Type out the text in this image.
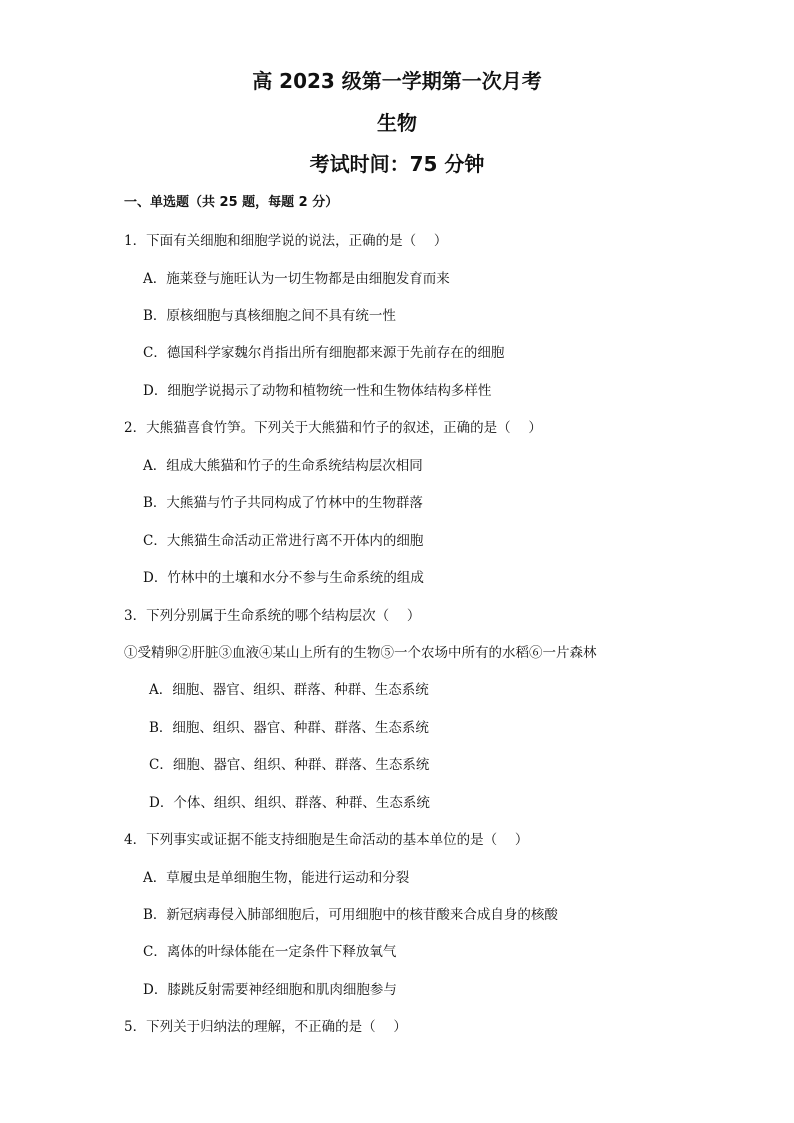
高 2023 级第一学期第一次月考
生物
考试时间：75 分钟
一、单选题（共 25 题，每题 2 分）
1．下面有关细胞和细胞学说的说法，正确的是（　 ）
A．施莱登与施旺认为一切生物都是由细胞发育而来
B．原核细胞与真核细胞之间不具有统一性
C．德国科学家魏尔肖指出所有细胞都来源于先前存在的细胞
D．细胞学说揭示了动物和植物统一性和生物体结构多样性
2．大熊猫喜食竹笋。下列关于大熊猫和竹子的叙述，正确的是（　 ）
A．组成大熊猫和竹子的生命系统结构层次相同
B．大熊猫与竹子共同构成了竹林中的生物群落
C．大熊猫生命活动正常进行离不开体内的细胞
D．竹林中的土壤和水分不参与生命系统的组成
3．下列分别属于生命系统的哪个结构层次（　 ）
①受精卵②肝脏③血液④某山上所有的生物⑤一个农场中所有的水稻⑥一片森林
A．细胞、器官、组织、群落、种群、生态系统
B．细胞、组织、器官、种群、群落、生态系统
C．细胞、器官、组织、种群、群落、生态系统
D．个体、组织、组织、群落、种群、生态系统
4．下列事实或证据不能支持细胞是生命活动的基本单位的是（　 ）
A．草履虫是单细胞生物，能进行运动和分裂
B．新冠病毒侵入肺部细胞后，可用细胞中的核苷酸来合成自身的核酸
C．离体的叶绿体能在一定条件下释放氧气
D．膝跳反射需要神经细胞和肌肉细胞参与
5．下列关于归纳法的理解，不正确的是（　 ）
